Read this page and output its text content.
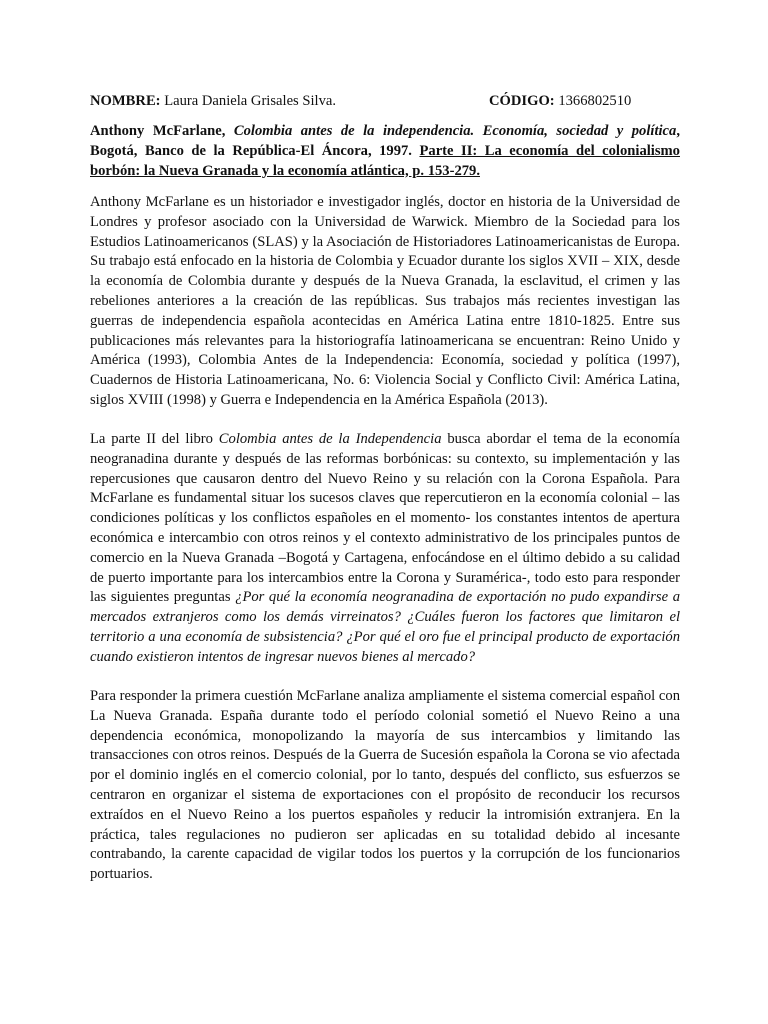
NOMBRE: Laura Daniela Grisales Silva.	CÓDIGO: 1366802510
Anthony McFarlane, Colombia antes de la independencia. Economía, sociedad y política, Bogotá, Banco de la República-El Áncora, 1997. Parte II: La economía del colonialismo borbón: la Nueva Granada y la economía atlántica, p. 153-279.

Anthony McFarlane es un historiador e investigador inglés, doctor en historia de la Universidad de Londres y profesor asociado con la Universidad de Warwick. Miembro de la Sociedad para los Estudios Latinoamericanos (SLAS) y la Asociación de Historiadores Latinoamericanistas de Europa. Su trabajo está enfocado en la historia de Colombia y Ecuador durante los siglos XVII – XIX, desde la economía de Colombia durante y después de la Nueva Granada, la esclavitud, el crimen y las rebeliones anteriores a la creación de las repúblicas. Sus trabajos más recientes investigan las guerras de independencia española acontecidas en América Latina entre 1810-1825. Entre sus publicaciones más relevantes para la historiografía latinoamericana se encuentran: Reino Unido y América (1993), Colombia Antes de la Independencia: Economía, sociedad y política (1997), Cuadernos de Historia Latinoamericana, No. 6: Violencia Social y Conflicto Civil: América Latina, siglos XVIII (1998) y Guerra e Independencia en la América Española (2013).

La parte II del libro Colombia antes de la Independencia busca abordar el tema de la economía neogranadina durante y después de las reformas borbónicas: su contexto, su implementación y las repercusiones que causaron dentro del Nuevo Reino y su relación con la Corona Española. Para McFarlane es fundamental situar los sucesos claves que repercutieron en la economía colonial – las condiciones políticas y los conflictos españoles en el momento- los constantes intentos de apertura económica e intercambio con otros reinos y el contexto administrativo de los principales puntos de comercio en la Nueva Granada –Bogotá y Cartagena, enfocándose en el último debido a su calidad de puerto importante para los intercambios entre la Corona y Suramérica-, todo esto para responder las siguientes preguntas ¿Por qué la economía neogranadina de exportación no pudo expandirse a mercados extranjeros como los demás virreinatos? ¿Cuáles fueron los factores que limitaron el territorio a una economía de subsistencia? ¿Por qué el oro fue el principal producto de exportación cuando existieron intentos de ingresar nuevos bienes al mercado?

Para responder la primera cuestión McFarlane analiza ampliamente el sistema comercial español con La Nueva Granada. España durante todo el período colonial sometió el Nuevo Reino a una dependencia económica, monopolizando la mayoría de sus intercambios y limitando las transacciones con otros reinos. Después de la Guerra de Sucesión española la Corona se vio afectada por el dominio inglés en el comercio colonial, por lo tanto, después del conflicto, sus esfuerzos se centraron en organizar el sistema de exportaciones con el propósito de reconducir los recursos extraídos en el Nuevo Reino a los puertos españoles y reducir la intromisión extranjera. En la práctica, tales regulaciones no pudieron ser aplicadas en su totalidad debido al incesante contrabando, la carente capacidad de vigilar todos los puertos y la corrupción de los funcionarios portuarios.
